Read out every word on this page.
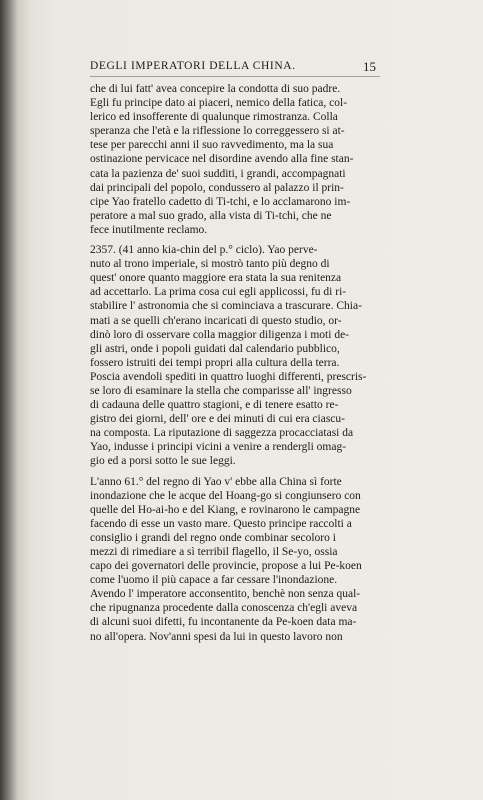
DEGLI IMPERATORI DELLA CHINA.	15
che di lui fatt' avea concepire la condotta di suo padre.
Egli fu principe dato ai piaceri, nemico della fatica, col-
lerico ed insofferente di qualunque rimostranza. Colla
speranza che l'età e la riflessione lo correggessero si at-
tese per parecchi anni il suo ravvedimento, ma la sua
ostinazione pervicace nel disordine avendo alla fine stan-
cata la pazienza de' suoi sudditi, i grandi, accompagnati
dai principali del popolo, condussero al palazzo il prin-
cipe Yao fratello cadetto di Ti-tchi, e lo acclamarono im-
peratore a mal suo grado, alla vista di Ti-tchi, che ne
fece inutilmente reclamo.
2357. (41 anno kia-chin del p.° ciclo). Yao perve-
nuto al trono imperiale, si mostrò tanto più degno di
quest' onore quanto maggiore era stata la sua renitenza
ad accettarlo. La prima cosa cui egli applicossi, fu di ri-
stabilire l' astronomia che si cominciava a trascurare. Chia-
mati a se quelli ch'erano incaricati di questo studio, or-
dinò loro di osservare colla maggior diligenza i moti de-
gli astri, onde i popoli guidati dal calendario pubblico,
fossero istruiti dei tempi propri alla cultura della terra.
Poscia avendoli spediti in quattro luoghi differenti, prescris-
se loro di esaminare la stella che comparisse all' ingresso
di cadauna delle quattro stagioni, e di tenere esatto re-
gistro dei giorni, dell' ore e dei minuti di cui era ciascu-
na composta. La riputazione di saggezza procacciatasi da
Yao, indusse i principi vicini a venire a rendergli omag-
gio ed a porsi sotto le sue leggi.
L'anno 61.° del regno di Yao v' ebbe alla China sì forte
inondazione che le acque del Hoang-go si congiunsero con
quelle del Ho-ai-ho e del Kiang, e rovinarono le campagne
facendo di esse un vasto mare. Questo principe raccolti a
consiglio i grandi del regno onde combinar secoloro i
mezzi di rimediare a sì terribil flagello, il Se-yo, ossia
capo dei governatori delle provincie, propose a lui Pe-koen
come l'uomo il più capace a far cessare l'inondazione.
Avendo l' imperatore acconsentito, benchè non senza qual-
che ripugnanza procedente dalla conoscenza ch'egli aveva
di alcuni suoi difetti, fu incontanente da Pe-koen data ma-
no all'opera. Nov'anni spesi da lui in questo lavoro non
